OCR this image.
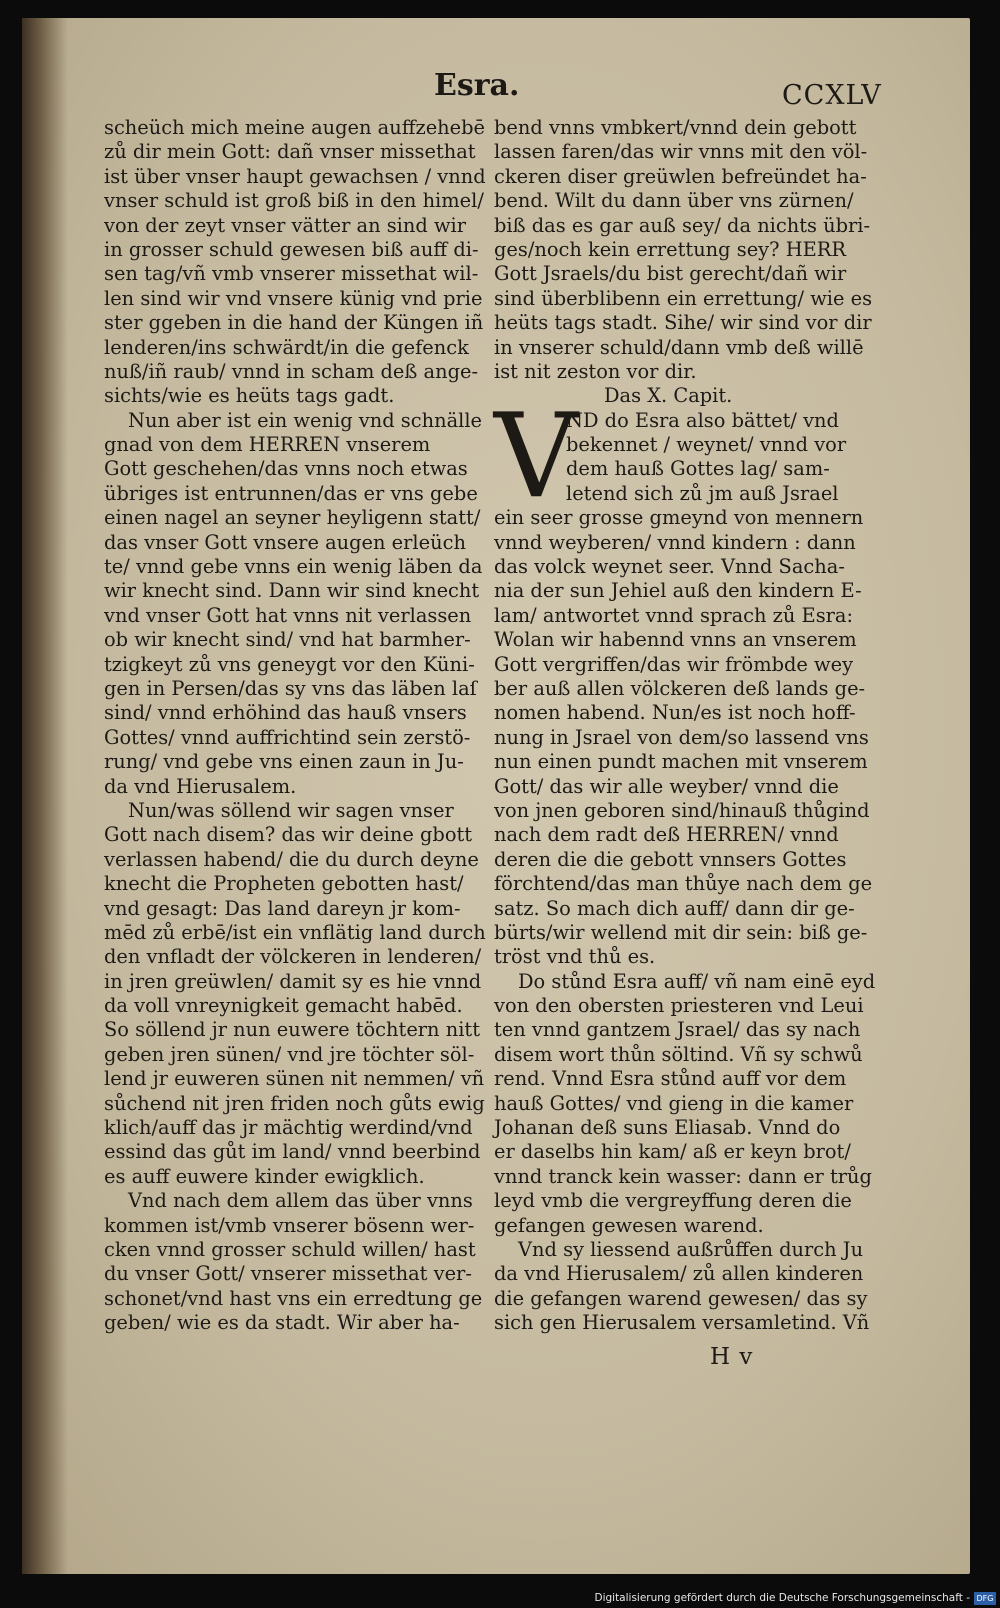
Esra.	CCXLV
scheüch mich meine augen auffzehebē
zů dir mein Gott: dañ vnser missethat
ist über vnser haupt gewachsen / vnnd
vnser schuld ist groß biß in den himel/
von der zeyt vnser vätter an sind wir
in grosser schuld gewesen biß auff di-
sen tag/vñ vmb vnserer missethat wil-
len sind wir vnd vnsere künig vnd prie
ster ggeben in die hand der Küngen iñ
lenderen/ins schwärdt/in die gefenck
nuß/iñ raub/ vnnd in scham deß ange-
sichts/wie es heüts tags gadt.
Nun aber ist ein wenig vnd schnälle
gnad von dem HERREN vnserem
Gott geschehen/das vnns noch etwas
übriges ist entrunnen/das er vns gebe
einen nagel an seyner heyligenn statt/
das vnser Gott vnsere augen erleüch
te/ vnnd gebe vnns ein wenig läben da
wir knecht sind. Dann wir sind knecht
vnd vnser Gott hat vnns nit verlassen
ob wir knecht sind/ vnd hat barmher-
tzigkeyt zů vns geneygt vor den Küni-
gen in Persen/das sy vns das läben laſ
sind/ vnnd erhöhind das hauß vnsers
Gottes/ vnnd auffrichtind sein zerstö-
rung/ vnd gebe vns einen zaun in Ju-
da vnd Hierusalem.
Nun/was söllend wir sagen vnser
Gott nach disem? das wir deine gbott
verlassen habend/ die du durch deyne
knecht die Propheten gebotten hast/
vnd gesagt: Das land dareyn jr kom-
mēd zů erbē/ist ein vnflätig land durch
den vnfladt der völckeren in lenderen/
in jren greüwlen/ damit sy es hie vnnd
da voll vnreynigkeit gemacht habēd.
So söllend jr nun euwere töchtern nitt
geben jren sünen/ vnd jre töchter söl-
lend jr euweren sünen nit nemmen/ vñ
sůchend nit jren friden noch gůts ewig
klich/auff das jr mächtig werdind/vnd
essind das gůt im land/ vnnd beerbind
es auff euwere kinder ewigklich.
Vnd nach dem allem das über vnns
kommen ist/vmb vnserer bösenn wer-
cken vnnd grosser schuld willen/ hast
du vnser Gott/ vnserer missethat ver-
schonet/vnd hast vns ein erredtung ge
geben/ wie es da stadt. Wir aber ha-
bend vnns vmbkert/vnnd dein gebott
lassen faren/das wir vnns mit den völ-
ckeren diser greüwlen befreündet ha-
bend. Wilt du dann über vns zürnen/
biß das es gar auß sey/ da nichts übri-
ges/noch kein errettung sey? HERR
Gott Jsraels/du bist gerecht/dañ wir
sind überblibenn ein errettung/ wie es
heüts tags stadt. Sihe/ wir sind vor dir
in vnserer schuld/dann vmb deß willē
ist nit zeston vor dir.
Das X. Capit.
V
ND do Esra also bättet/ vnd
bekennet / weynet/ vnnd vor
dem hauß Gottes lag/ sam-
letend sich zů jm auß Jsrael
ein seer grosse gmeynd von mennern
vnnd weyberen/ vnnd kindern : dann
das volck weynet seer. Vnnd Sacha-
nia der sun Jehiel auß den kindern E-
lam/ antwortet vnnd sprach zů Esra:
Wolan wir habennd vnns an vnserem
Gott vergriffen/das wir frömbde wey
ber auß allen völckeren deß lands ge-
nomen habend. Nun/es ist noch hoff-
nung in Jsrael von dem/so lassend vns
nun einen pundt machen mit vnserem
Gott/ das wir alle weyber/ vnnd die
von jnen geboren sind/hinauß thůgind
nach dem radt deß HERREN/ vnnd
deren die die gebott vnnsers Gottes
förchtend/das man thůye nach dem ge
satz. So mach dich auff/ dann dir ge-
bürts/wir wellend mit dir sein: biß ge-
tröst vnd thů es.
Do stůnd Esra auff/ vñ nam einē eyd
von den obersten priesteren vnd Leui
ten vnnd gantzem Jsrael/ das sy nach
disem wort thůn söltind. Vñ sy schwů
rend. Vnnd Esra stůnd auff vor dem
hauß Gottes/ vnd gieng in die kamer
Johanan deß suns Eliasab. Vnnd do
er daselbs hin kam/ aß er keyn brot/
vnnd tranck kein wasser: dann er trůg
leyd vmb die vergreyffung deren die
gefangen gewesen warend.
Vnd sy liessend außrůffen durch Ju
da vnd Hierusalem/ zů allen kinderen
die gefangen warend gewesen/ das sy
sich gen Hierusalem versamletind. Vñ
H v
Digitalisierung gefördert durch die Deutsche Forschungsgemeinschaft - DFG
